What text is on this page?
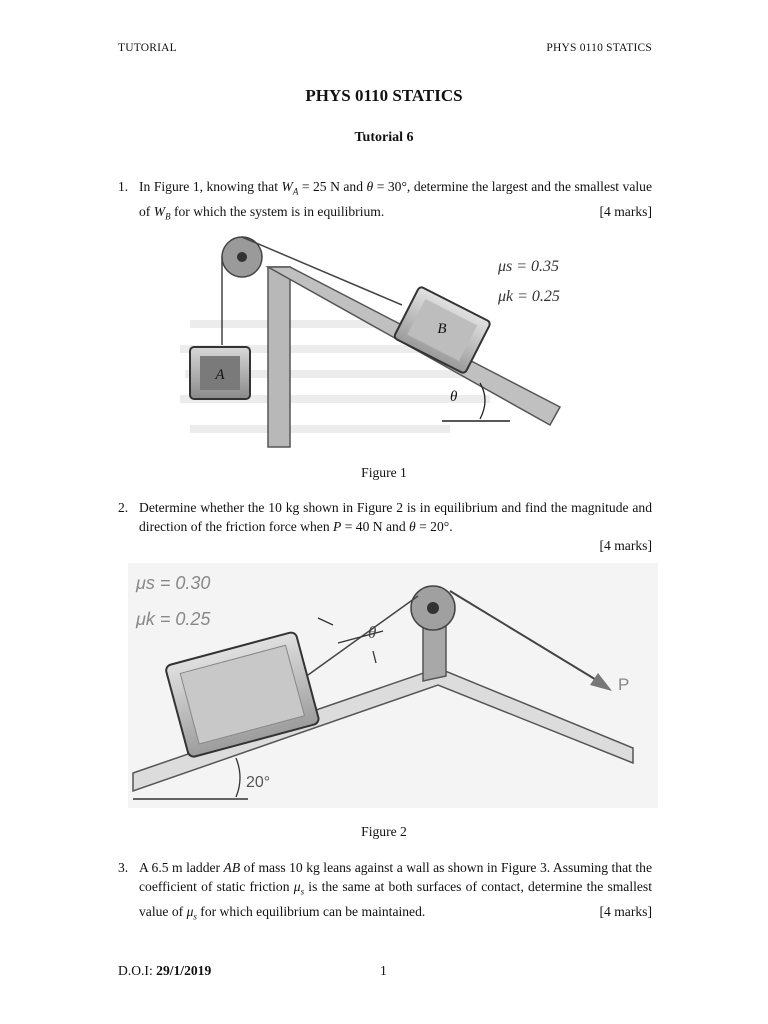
TUTORIAL	PHYS 0110 STATICS
PHYS 0110 STATICS
Tutorial 6
1. In Figure 1, knowing that $W_A = 25$ N and θ = 30°, determine the largest and the smallest value of $W_B$ for which the system is in equilibrium.	[4 marks]
A
B
θ
μs = 0.35
μk = 0.25
Figure 1
2. Determine whether the 10 kg shown in Figure 2 is in equilibrium and find the magnitude and direction of the friction force when P = 40 N and θ = 20°.
[4 marks]
P
θ
20°
μs = 0.30
μk = 0.25
Figure 2
3. A 6.5 m ladder AB of mass 10 kg leans against a wall as shown in Figure 3. Assuming that the coefficient of static friction $\mu_s$ is the same at both surfaces of contact, determine the smallest value of $\mu_s$ for which equilibrium can be maintained.	[4 marks]
D.O.I: 29/1/2019	1
